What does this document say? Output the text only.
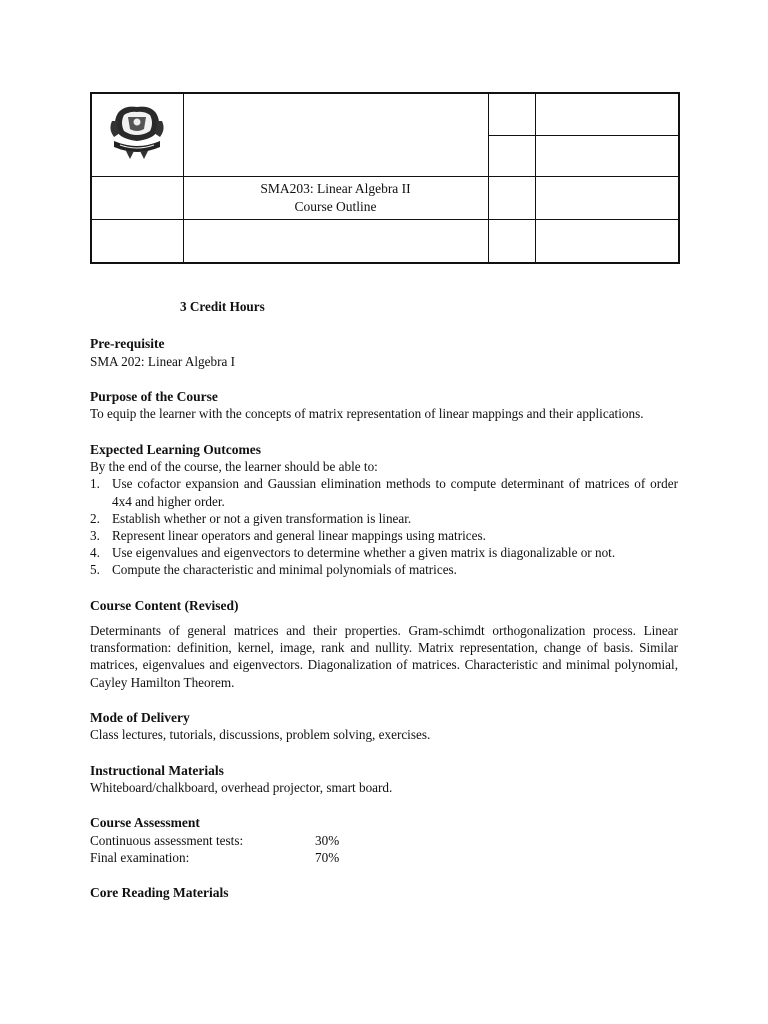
	SMA203: Linear Algebra II
Course Outline		

3 Credit Hours
Pre-requisite

SMA 202: Linear Algebra I

Purpose of the Course

To equip the learner with the concepts of matrix representation of linear mappings and their applications.

Expected Learning Outcomes

By the end of the course, the learner should be able to:

1. Use cofactor expansion and Gaussian elimination methods to compute determinant of matrices of order 4x4 and higher order.
2. Establish whether or not a given transformation is linear.
3. Represent linear operators and general linear mappings using matrices.
4. Use eigenvalues and eigenvectors to determine whether a given matrix is diagonalizable or not.
5. Compute the characteristic and minimal polynomials of matrices.
Course Content (Revised)

Determinants of general matrices and their properties. Gram-schimdt orthogonalization process. Linear transformation: definition, kernel, image, rank and nullity. Matrix representation, change of basis. Similar matrices, eigenvalues and eigenvectors. Diagonalization of matrices. Characteristic and minimal polynomial, Cayley Hamilton Theorem.

Mode of Delivery

Class lectures, tutorials, discussions, problem solving, exercises.

Instructional Materials

Whiteboard/chalkboard, overhead projector, smart board.

Course Assessment
Continuous assessment tests:	30%
Final examination:	70%
Core Reading Materials
